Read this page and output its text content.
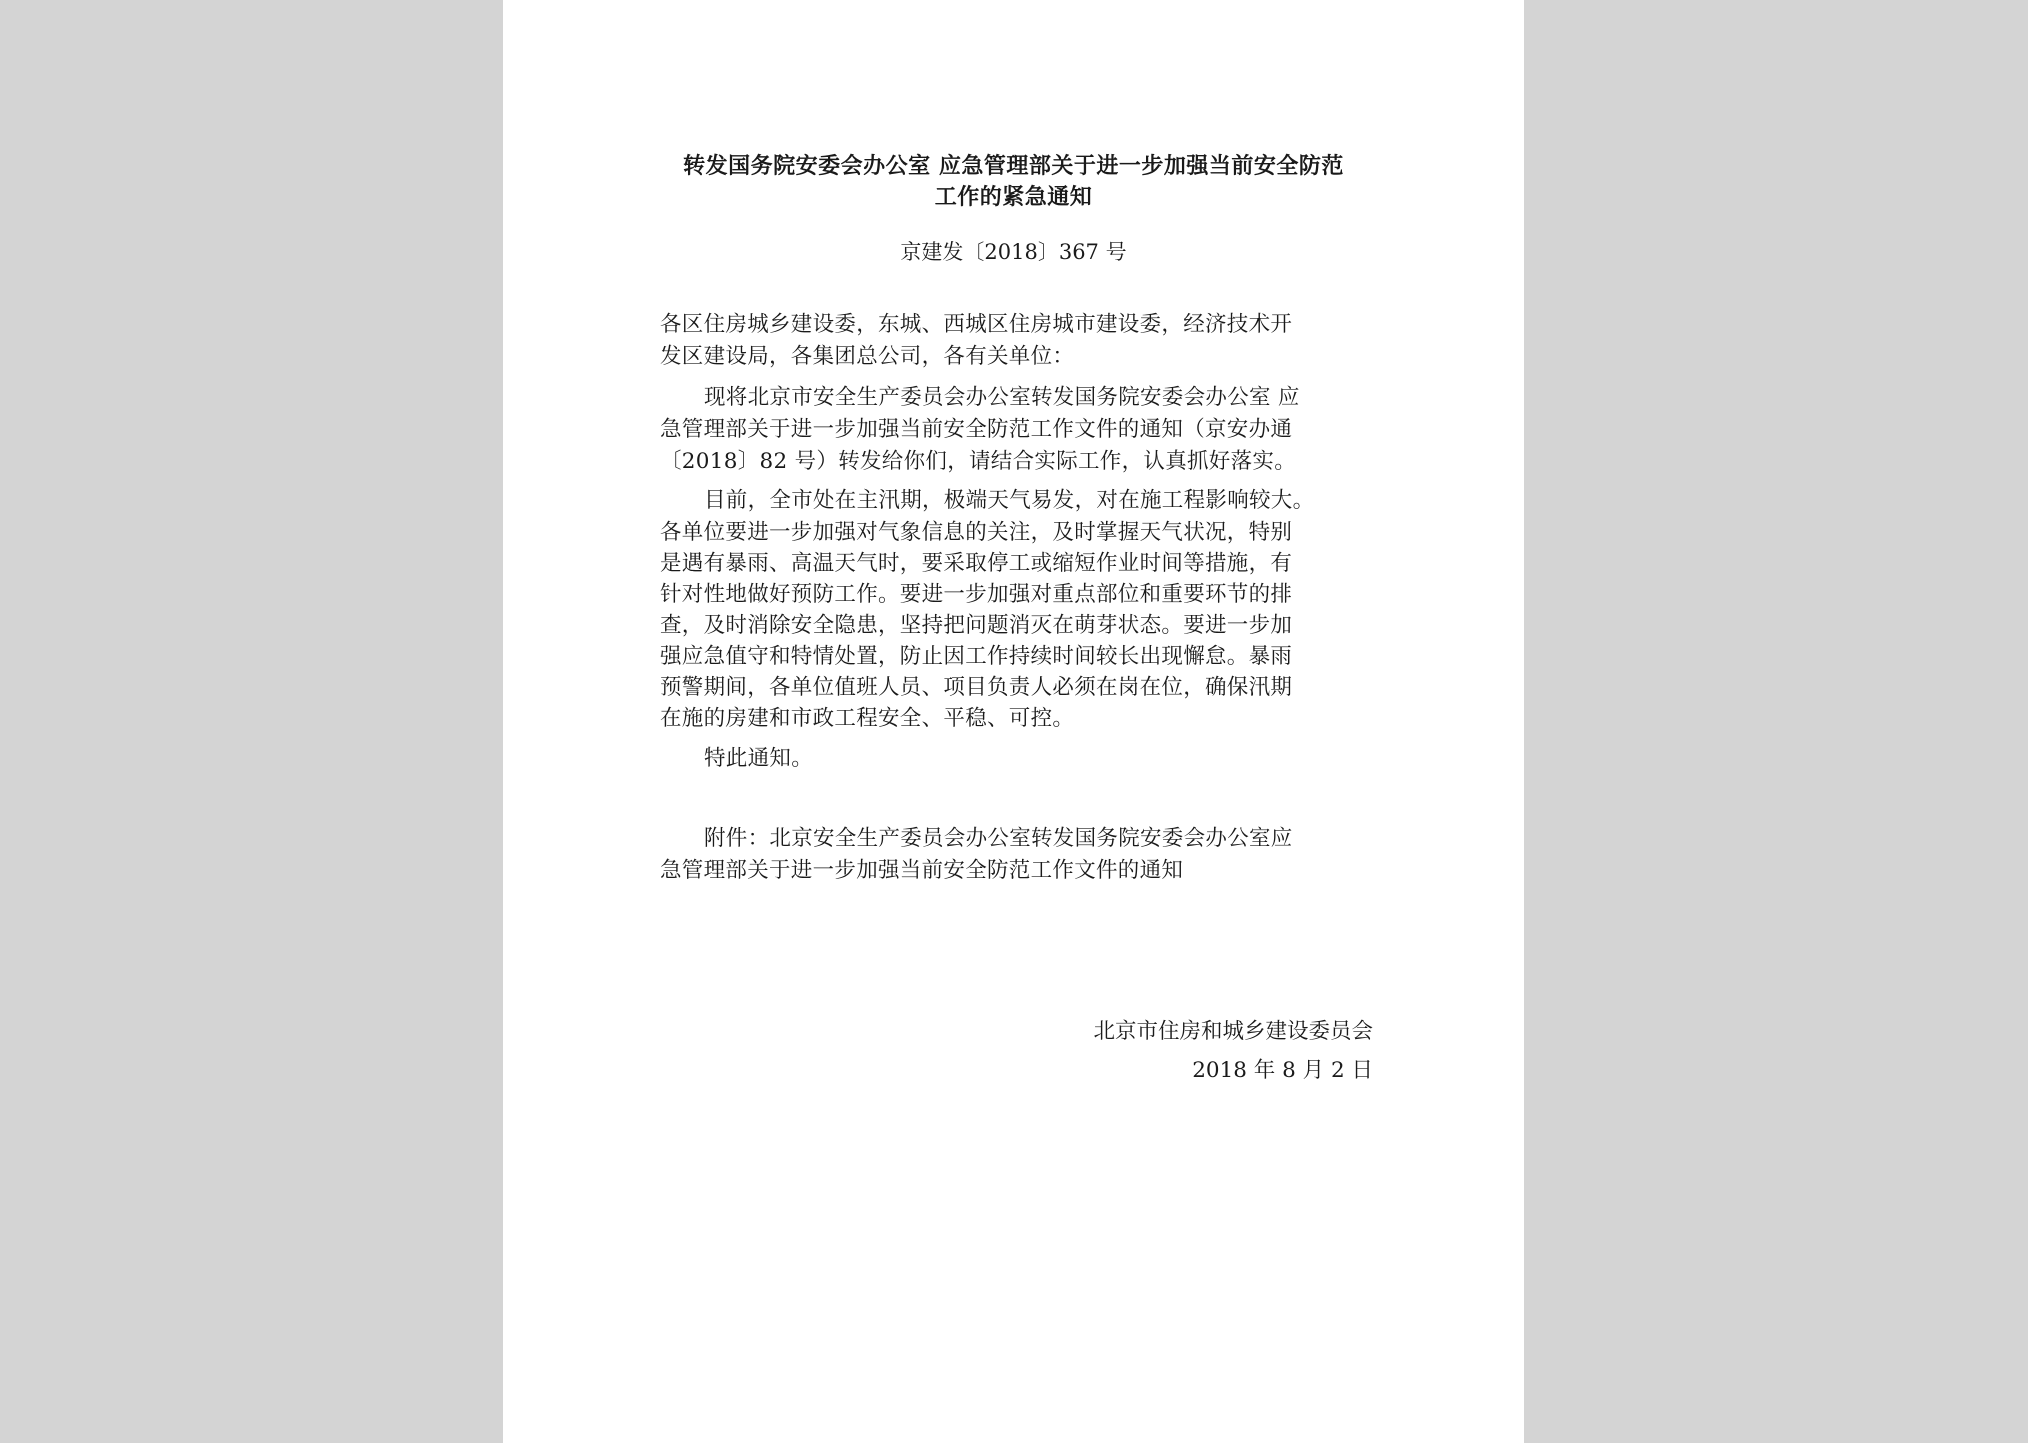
转发国务院安委会办公室 应急管理部关于进一步加强当前安全防范
工作的紧急通知
京建发〔2018〕367 号
各区住房城乡建设委，东城、西城区住房城市建设委，经济技术开
发区建设局，各集团总公司，各有关单位：
现将北京市安全生产委员会办公室转发国务院安委会办公室 应
急管理部关于进一步加强当前安全防范工作文件的通知（京安办通
〔2018〕82 号）转发给你们，请结合实际工作，认真抓好落实。
目前，全市处在主汛期，极端天气易发，对在施工程影响较大。
各单位要进一步加强对气象信息的关注，及时掌握天气状况，特别
是遇有暴雨、高温天气时，要采取停工或缩短作业时间等措施，有
针对性地做好预防工作。要进一步加强对重点部位和重要环节的排
查，及时消除安全隐患，坚持把问题消灭在萌芽状态。要进一步加
强应急值守和特情处置，防止因工作持续时间较长出现懈怠。暴雨
预警期间，各单位值班人员、项目负责人必须在岗在位，确保汛期
在施的房建和市政工程安全、平稳、可控。
特此通知。
附件：北京安全生产委员会办公室转发国务院安委会办公室应
急管理部关于进一步加强当前安全防范工作文件的通知
北京市住房和城乡建设委员会
2018 年 8 月 2 日
